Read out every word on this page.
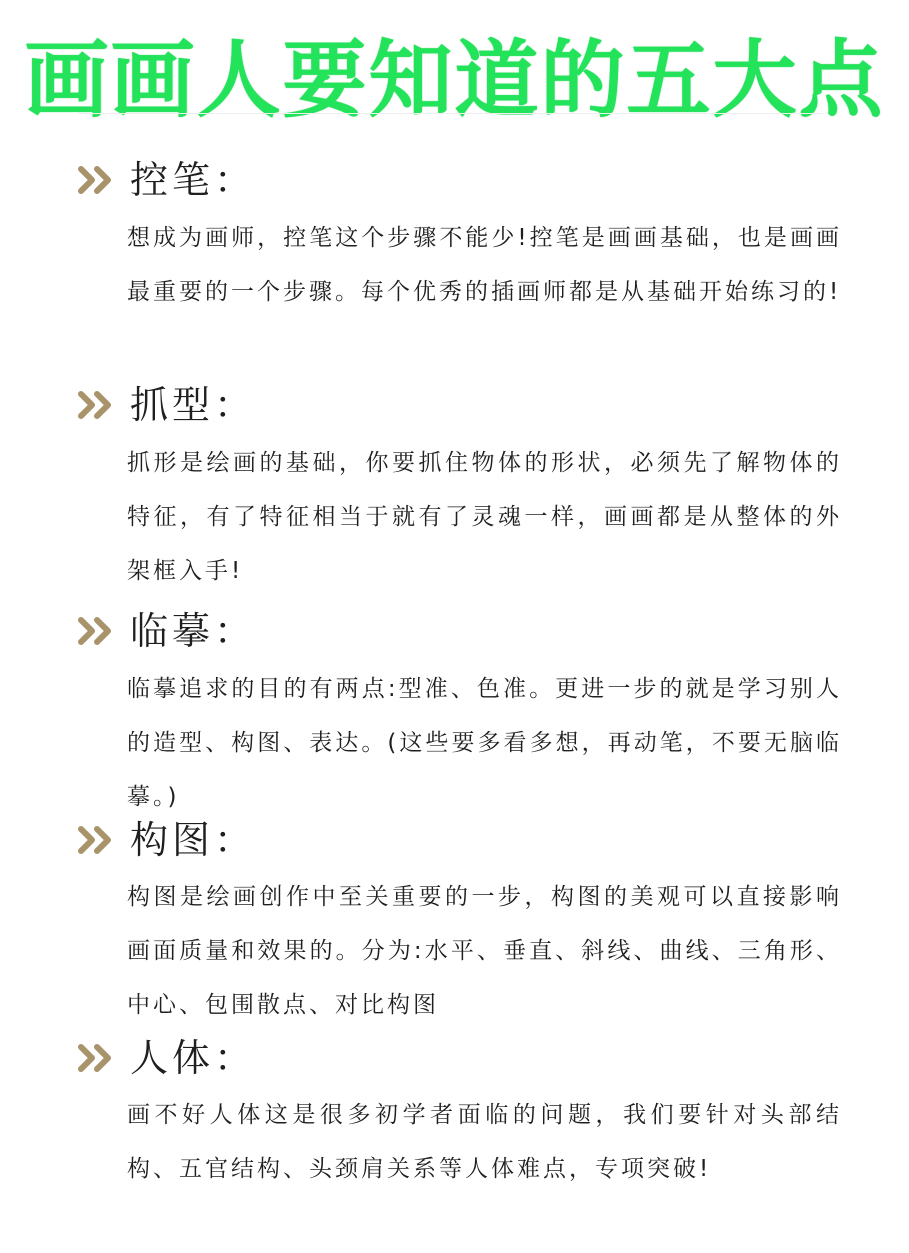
画画人要知道的五大点
控笔：
想成为画师，控笔这个步骤不能少!控笔是画画基础，也是画画最重要的一个步骤。每个优秀的插画师都是从基础开始练习的!
抓型：
抓形是绘画的基础，你要抓住物体的形状，必须先了解物体的特征，有了特征相当于就有了灵魂一样，画画都是从整体的外架框入手!
临摹：
临摹追求的目的有两点:型准、色准。更进一步的就是学习别人的造型、构图、表达。(这些要多看多想，再动笔，不要无脑临摹。)
构图：
构图是绘画创作中至关重要的一步，构图的美观可以直接影响画面质量和效果的。分为:水平、垂直、斜线、曲线、三角形、中心、包围散点、对比构图
人体：
画不好人体这是很多初学者面临的问题，我们要针对头部结构、五官结构、头颈肩关系等人体难点，专项突破!
